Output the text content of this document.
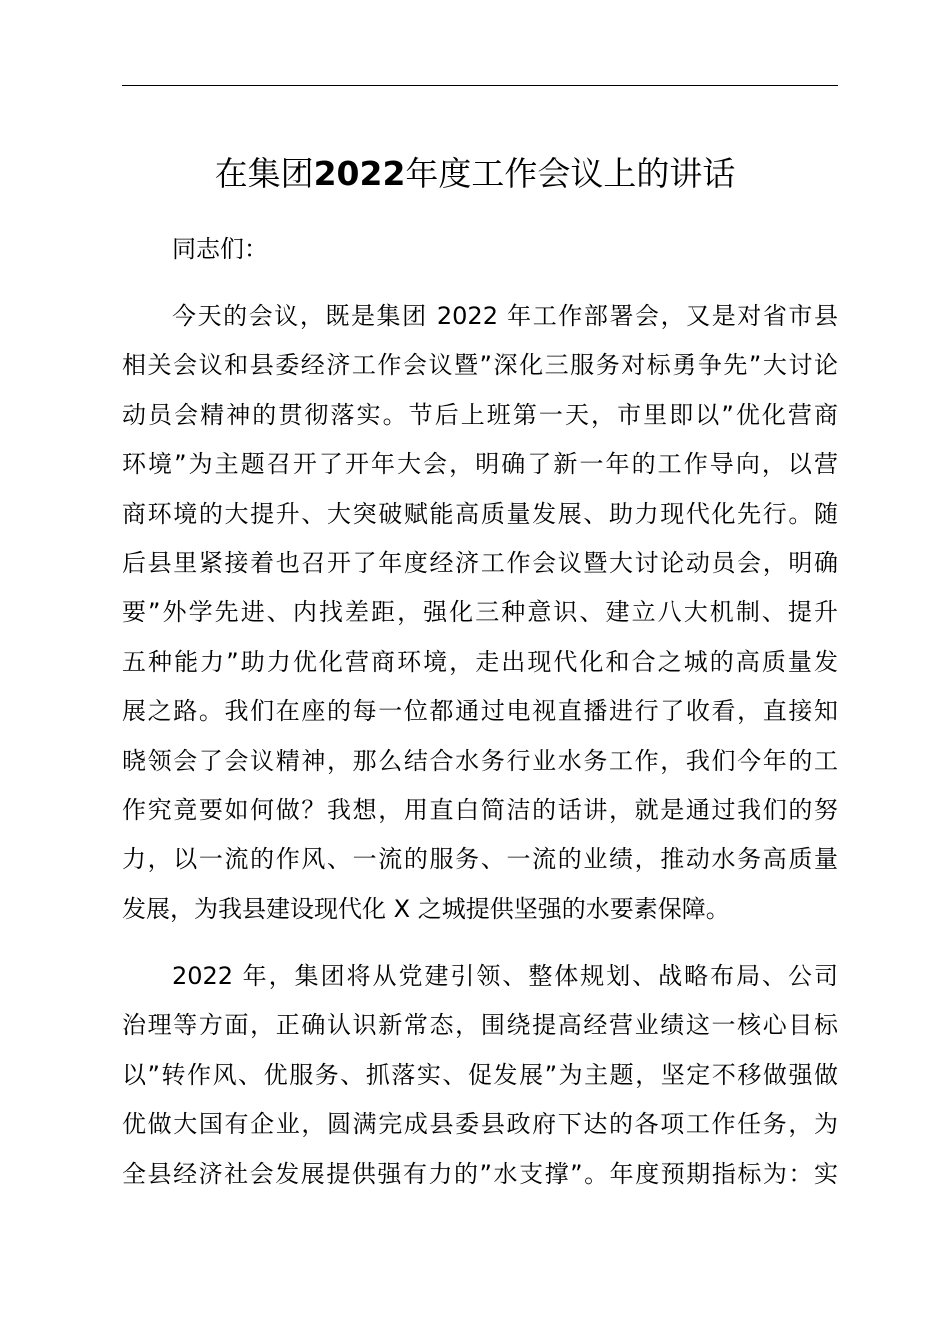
在集团2022年度工作会议上的讲话
同志们：
今天的会议，既是集团 2022 年工作部署会，又是对省市县
相关会议和县委经济工作会议暨”深化三服务对标勇争先”大讨论
动员会精神的贯彻落实。节后上班第一天，市里即以”优化营商
环境”为主题召开了开年大会，明确了新一年的工作导向，以营
商环境的大提升、大突破赋能高质量发展、助力现代化先行。随
后县里紧接着也召开了年度经济工作会议暨大讨论动员会，明确
要”外学先进、内找差距，强化三种意识、建立八大机制、提升
五种能力”助力优化营商环境，走出现代化和合之城的高质量发
展之路。我们在座的每一位都通过电视直播进行了收看，直接知
晓领会了会议精神，那么结合水务行业水务工作，我们今年的工
作究竟要如何做？我想，用直白简洁的话讲，就是通过我们的努
力，以一流的作风、一流的服务、一流的业绩，推动水务高质量
发展，为我县建设现代化 X 之城提供坚强的水要素保障。
2022 年，集团将从党建引领、整体规划、战略布局、公司
治理等方面，正确认识新常态，围绕提高经营业绩这一核心目标
以”转作风、优服务、抓落实、促发展”为主题，坚定不移做强做
优做大国有企业，圆满完成县委县政府下达的各项工作任务，为
全县经济社会发展提供强有力的”水支撑”。年度预期指标为：实
